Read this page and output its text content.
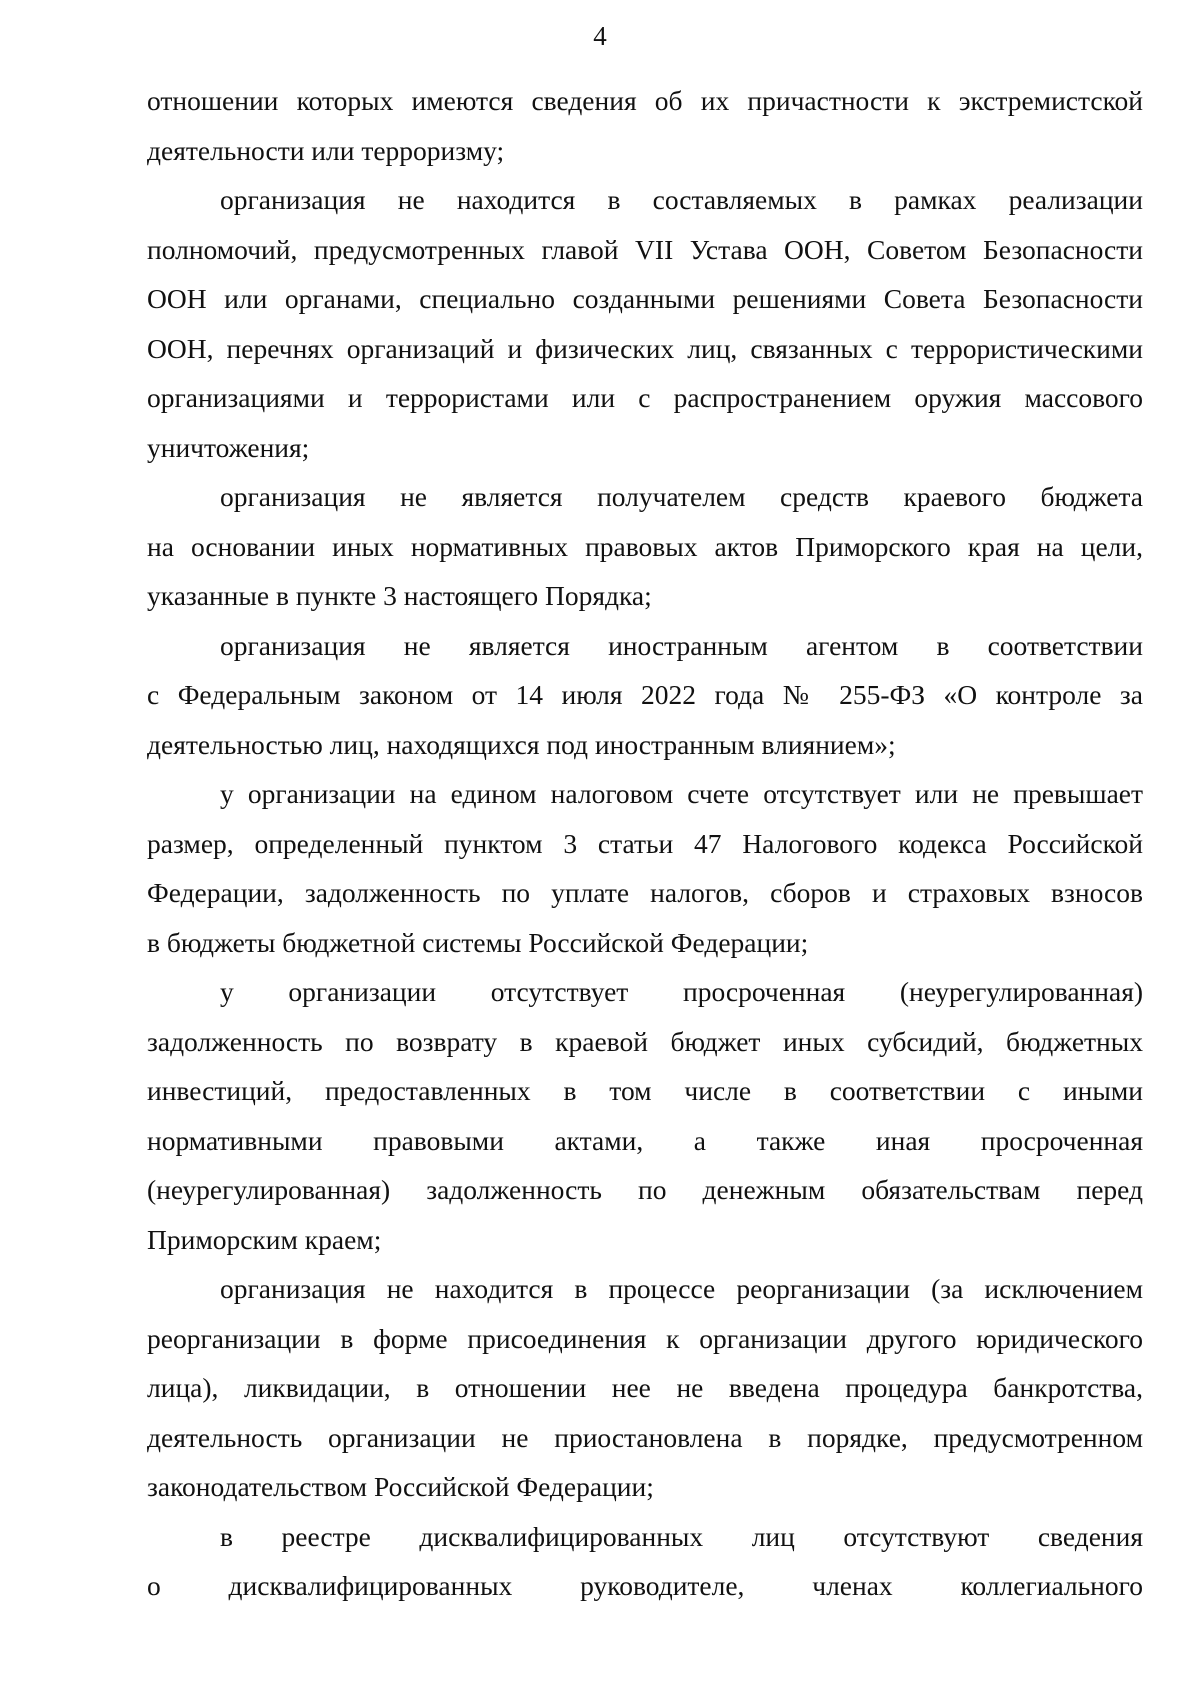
4
отношении которых имеются сведения об их причастности к экстремистской
деятельности или терроризму;
организация не находится в составляемых в рамках реализации
полномочий, предусмотренных главой VII Устава ООН, Советом Безопасности
ООН или органами, специально созданными решениями Совета Безопасности
ООН, перечнях организаций и физических лиц, связанных с террористическими
организациями и террористами или с распространением оружия массового
уничтожения;
организация не является получателем средств краевого бюджета
на основании иных нормативных правовых актов Приморского края на цели,
указанные в пункте 3 настоящего Порядка;
организация не является иностранным агентом в соответствии
с Федеральным законом от 14 июля 2022 года № 255-ФЗ «О контроле за
деятельностью лиц, находящихся под иностранным влиянием»;
у организации на едином налоговом счете отсутствует или не превышает
размер, определенный пунктом 3 статьи 47 Налогового кодекса Российской
Федерации, задолженность по уплате налогов, сборов и страховых взносов
в бюджеты бюджетной системы Российской Федерации;
у организации отсутствует просроченная (неурегулированная)
задолженность по возврату в краевой бюджет иных субсидий, бюджетных
инвестиций, предоставленных в том числе в соответствии с иными
нормативными правовыми актами, а также иная просроченная
(неурегулированная) задолженность по денежным обязательствам перед
Приморским краем;
организация не находится в процессе реорганизации (за исключением
реорганизации в форме присоединения к организации другого юридического
лица), ликвидации, в отношении нее не введена процедура банкротства,
деятельность организации не приостановлена в порядке, предусмотренном
законодательством Российской Федерации;
в реестре дисквалифицированных лиц отсутствуют сведения
о дисквалифицированных руководителе, членах коллегиального
